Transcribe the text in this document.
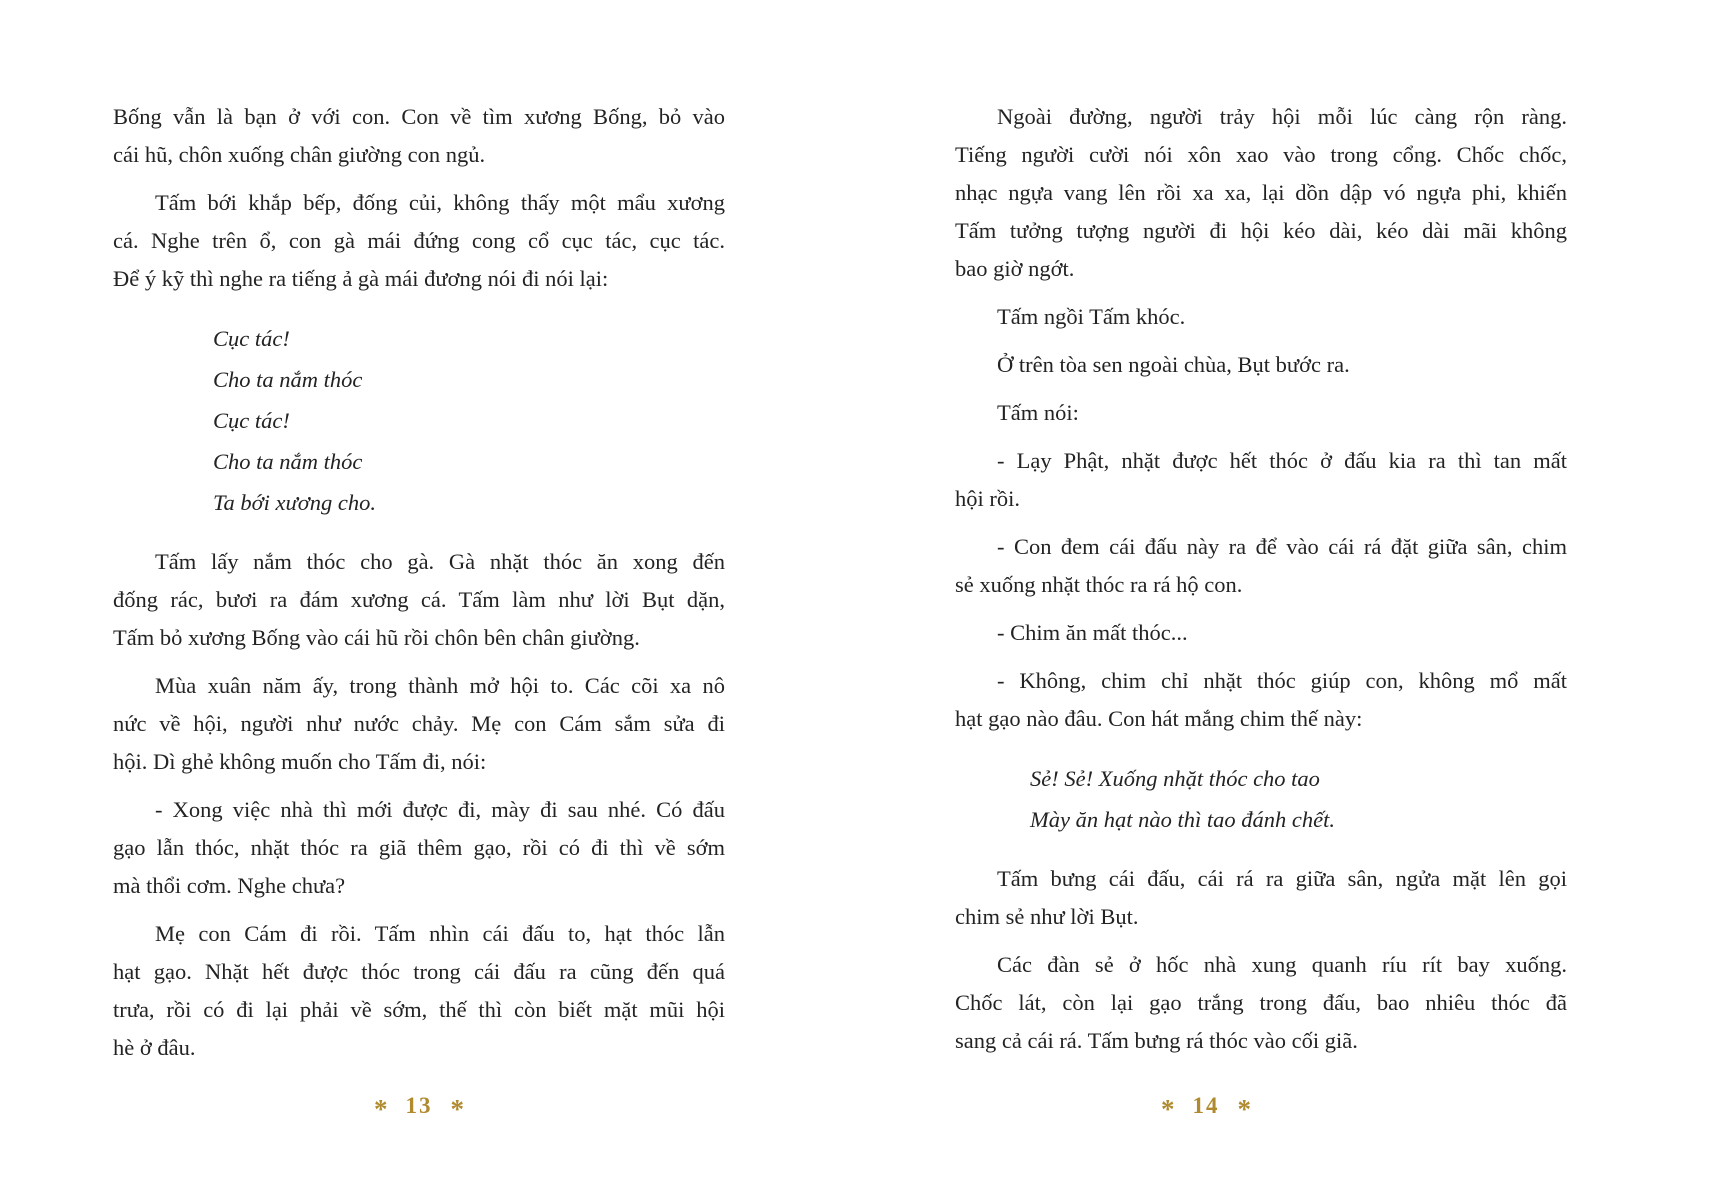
Bống vẫn là bạn ở với con. Con về tìm xương Bống, bỏ vào
cái hũ, chôn xuống chân giường con ngủ.
Tấm bới khắp bếp, đống củi, không thấy một mẩu xương
cá. Nghe trên ổ, con gà mái đứng cong cổ cục tác, cục tác.
Để ý kỹ thì nghe ra tiếng ả gà mái đương nói đi nói lại:
Cục tác!
Cho ta nắm thóc
Cục tác!
Cho ta nắm thóc
Ta bới xương cho.
Tấm lấy nắm thóc cho gà. Gà nhặt thóc ăn xong đến
đống rác, bươi ra đám xương cá. Tấm làm như lời Bụt dặn,
Tấm bỏ xương Bống vào cái hũ rồi chôn bên chân giường.
Mùa xuân năm ấy, trong thành mở hội to. Các cõi xa nô
nức về hội, người như nước chảy. Mẹ con Cám sắm sửa đi
hội. Dì ghẻ không muốn cho Tấm đi, nói:
- Xong việc nhà thì mới được đi, mày đi sau nhé. Có đấu
gạo lẫn thóc, nhặt thóc ra giã thêm gạo, rồi có đi thì về sớm
mà thổi cơm. Nghe chưa?
Mẹ con Cám đi rồi. Tấm nhìn cái đấu to, hạt thóc lẫn
hạt gạo. Nhặt hết được thóc trong cái đấu ra cũng đến quá
trưa, rồi có đi lại phải về sớm, thế thì còn biết mặt mũi hội
hè ở đâu.
Ngoài đường, người trảy hội mỗi lúc càng rộn ràng.
Tiếng người cười nói xôn xao vào trong cổng. Chốc chốc,
nhạc ngựa vang lên rồi xa xa, lại dồn dập vó ngựa phi, khiến
Tấm tưởng tượng người đi hội kéo dài, kéo dài mãi không
bao giờ ngớt.
Tấm ngồi Tấm khóc.
Ở trên tòa sen ngoài chùa, Bụt bước ra.
Tấm nói:
- Lạy Phật, nhặt được hết thóc ở đấu kia ra thì tan mất
hội rồi.
- Con đem cái đấu này ra để vào cái rá đặt giữa sân, chim
sẻ xuống nhặt thóc ra rá hộ con.
- Chim ăn mất thóc...
- Không, chim chỉ nhặt thóc giúp con, không mổ mất
hạt gạo nào đâu. Con hát mắng chim thế này:
Sẻ! Sẻ! Xuống nhặt thóc cho tao
Mày ăn hạt nào thì tao đánh chết.
Tấm bưng cái đấu, cái rá ra giữa sân, ngửa mặt lên gọi
chim sẻ như lời Bụt.
Các đàn sẻ ở hốc nhà xung quanh ríu rít bay xuống.
Chốc lát, còn lại gạo trắng trong đấu, bao nhiêu thóc đã
sang cả cái rá. Tấm bưng rá thóc vào cối giã.
* 13 *	* 14 *
